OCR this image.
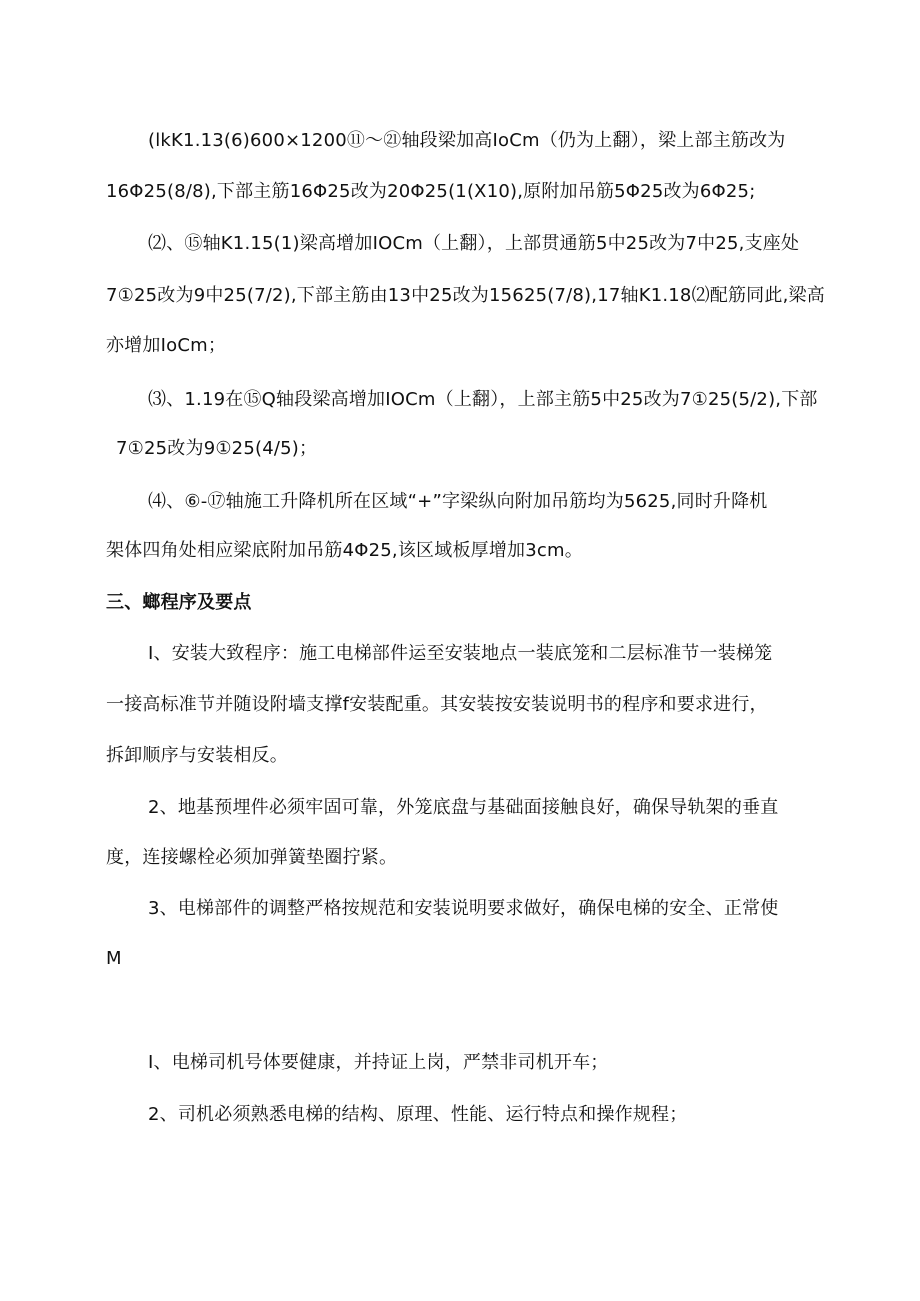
(lkK1.13(6)600×1200⑪～㉑轴段梁加高IoCm（仍为上翻），梁上部主筋改为
16Φ25(8/8),下部主筋16Φ25改为20Φ25(1(X10),原附加吊筋5Φ25改为6Φ25;
⑵、⑮轴K1.15(1)梁高增加IOCm（上翻），上部贯通筋5中25改为7中25,支座处
7①25改为9中25(7/2),下部主筋由13中25改为15625(7/8),17轴K1.18⑵配筋同此,梁高
亦增加IoCm；
⑶、1.19在⑮Q轴段梁高增加IOCm（上翻），上部主筋5中25改为7①25(5/2),下部
7①25改为9①25(4/5)；
⑷、⑥-⑰轴施工升降机所在区域“+”字梁纵向附加吊筋均为5625,同时升降机
架体四角处相应梁底附加吊筋4Φ25,该区域板厚增加3cm。
三、螂程序及要点
I、安装大致程序：施工电梯部件运至安装地点一装底笼和二层标准节一装梯笼
一接高标准节并随设附墙支撑f安装配重。其安装按安装说明书的程序和要求进行，
拆卸顺序与安装相反。
2、地基预埋件必须牢固可靠，外笼底盘与基础面接触良好，确保导轨架的垂直
度，连接螺栓必须加弹簧垫圈拧紧。
3、电梯部件的调整严格按规范和安装说明要求做好，确保电梯的安全、正常使
M
I、电梯司机号体要健康，并持证上岗，严禁非司机开车；
2、司机必须熟悉电梯的结构、原理、性能、运行特点和操作规程；
